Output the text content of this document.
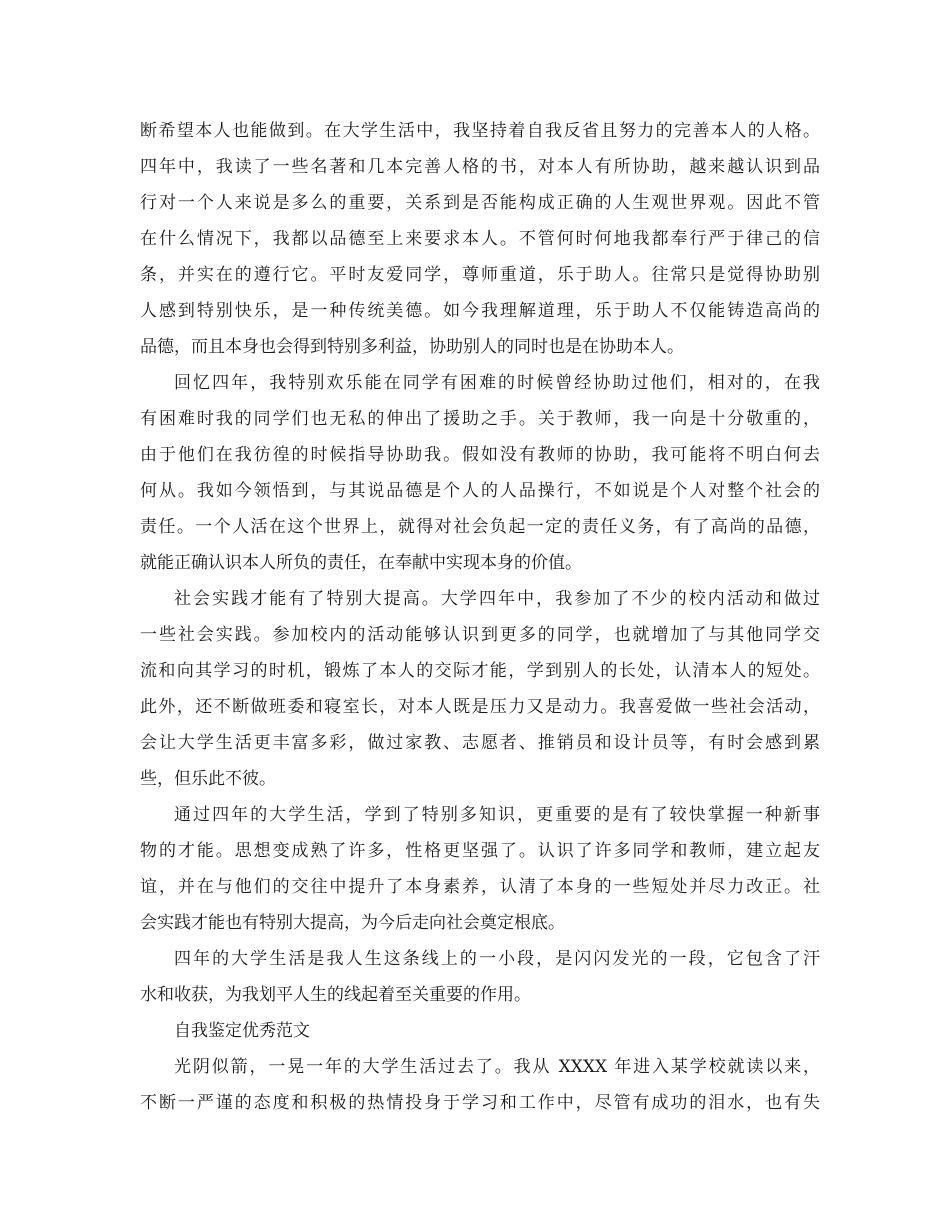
断希望本人也能做到。在大学生活中，我坚持着自我反省且努力的完善本人的人格。
四年中，我读了一些名著和几本完善人格的书，对本人有所协助，越来越认识到品
行对一个人来说是多么的重要，关系到是否能构成正确的人生观世界观。因此不管
在什么情况下，我都以品德至上来要求本人。不管何时何地我都奉行严于律己的信
条，并实在的遵行它。平时友爱同学，尊师重道，乐于助人。往常只是觉得协助别
人感到特别快乐，是一种传统美德。如今我理解道理，乐于助人不仅能铸造高尚的
品德，而且本身也会得到特别多利益，协助别人的同时也是在协助本人。
回忆四年，我特别欢乐能在同学有困难的时候曾经协助过他们，相对的，在我
有困难时我的同学们也无私的伸出了援助之手。关于教师，我一向是十分敬重的，
由于他们在我彷徨的时候指导协助我。假如没有教师的协助，我可能将不明白何去
何从。我如今领悟到，与其说品德是个人的人品操行，不如说是个人对整个社会的
责任。一个人活在这个世界上，就得对社会负起一定的责任义务，有了高尚的品德，
就能正确认识本人所负的责任，在奉献中实现本身的价值。
社会实践才能有了特别大提高。大学四年中，我参加了不少的校内活动和做过
一些社会实践。参加校内的活动能够认识到更多的同学，也就增加了与其他同学交
流和向其学习的时机，锻炼了本人的交际才能，学到别人的长处，认清本人的短处。
此外，还不断做班委和寝室长，对本人既是压力又是动力。我喜爱做一些社会活动，
会让大学生活更丰富多彩，做过家教、志愿者、推销员和设计员等，有时会感到累
些，但乐此不彼。
通过四年的大学生活，学到了特别多知识，更重要的是有了较快掌握一种新事
物的才能。思想变成熟了许多，性格更坚强了。认识了许多同学和教师，建立起友
谊，并在与他们的交往中提升了本身素养，认清了本身的一些短处并尽力改正。社
会实践才能也有特别大提高，为今后走向社会奠定根底。
四年的大学生活是我人生这条线上的一小段，是闪闪发光的一段，它包含了汗
水和收获，为我划平人生的线起着至关重要的作用。
自我鉴定优秀范文
光阴似箭，一晃一年的大学生活过去了。我从 XXXX 年进入某学校就读以来，
不断一严谨的态度和积极的热情投身于学习和工作中，尽管有成功的泪水，也有失
